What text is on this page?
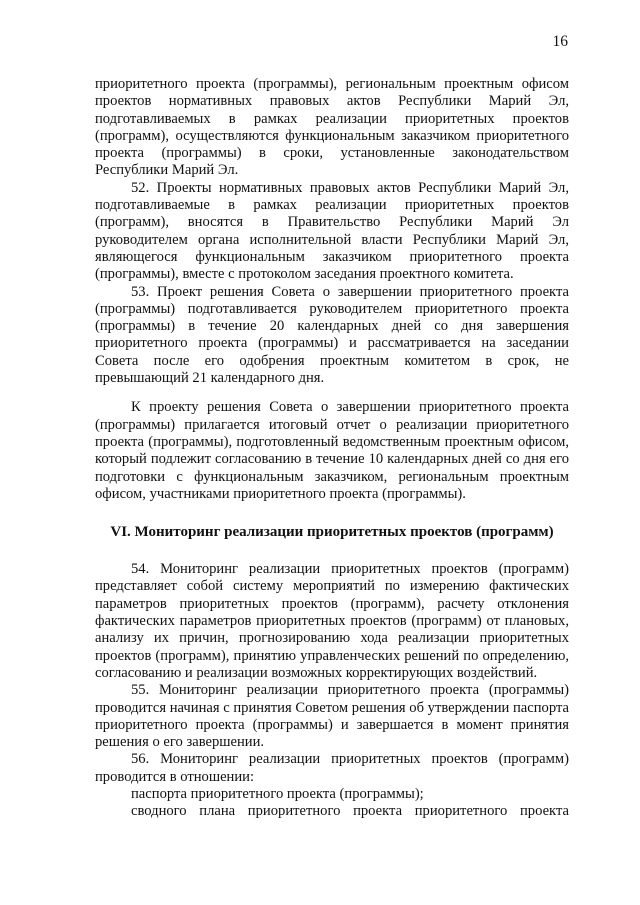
16

приоритетного проекта (программы), региональным проектным офисом проектов нормативных правовых актов Республики Марий Эл, подготавливаемых в рамках реализации приоритетных проектов (программ), осуществляются функциональным заказчиком приоритетного проекта (программы) в сроки, установленные законодательством Республики Марий Эл.

52. Проекты нормативных правовых актов Республики Марий Эл, подготавливаемые в рамках реализации приоритетных проектов (программ), вносятся в Правительство Республики Марий Эл руководителем органа исполнительной власти Республики Марий Эл, являющегося функциональным заказчиком приоритетного проекта (программы), вместе с протоколом заседания проектного комитета.

53. Проект решения Совета о завершении приоритетного проекта (программы) подготавливается руководителем приоритетного проекта (программы) в течение 20 календарных дней со дня завершения приоритетного проекта (программы) и рассматривается на заседании Совета после его одобрения проектным комитетом в срок, не превышающий 21 календарного дня.

К проекту решения Совета о завершении приоритетного проекта (программы) прилагается итоговый отчет о реализации приоритетного проекта (программы), подготовленный ведомственным проектным офисом, который подлежит согласованию в течение 10 календарных дней со дня его подготовки с функциональным заказчиком, региональным проектным офисом, участниками приоритетного проекта (программы).

VI. Мониторинг реализации приоритетных проектов (программ)

54. Мониторинг реализации приоритетных проектов (программ) представляет собой систему мероприятий по измерению фактических параметров приоритетных проектов (программ), расчету отклонения фактических параметров приоритетных проектов (программ) от плановых, анализу их причин, прогнозированию хода реализации приоритетных проектов (программ), принятию управленческих решений по определению, согласованию и реализации возможных корректирующих воздействий.

55. Мониторинг реализации приоритетного проекта (программы) проводится начиная с принятия Советом решения об утверждении паспорта приоритетного проекта (программы) и завершается в момент принятия решения о его завершении.

56. Мониторинг реализации приоритетных проектов (программ) проводится в отношении:

паспорта приоритетного проекта (программы);

сводного плана приоритетного проекта приоритетного проекта
